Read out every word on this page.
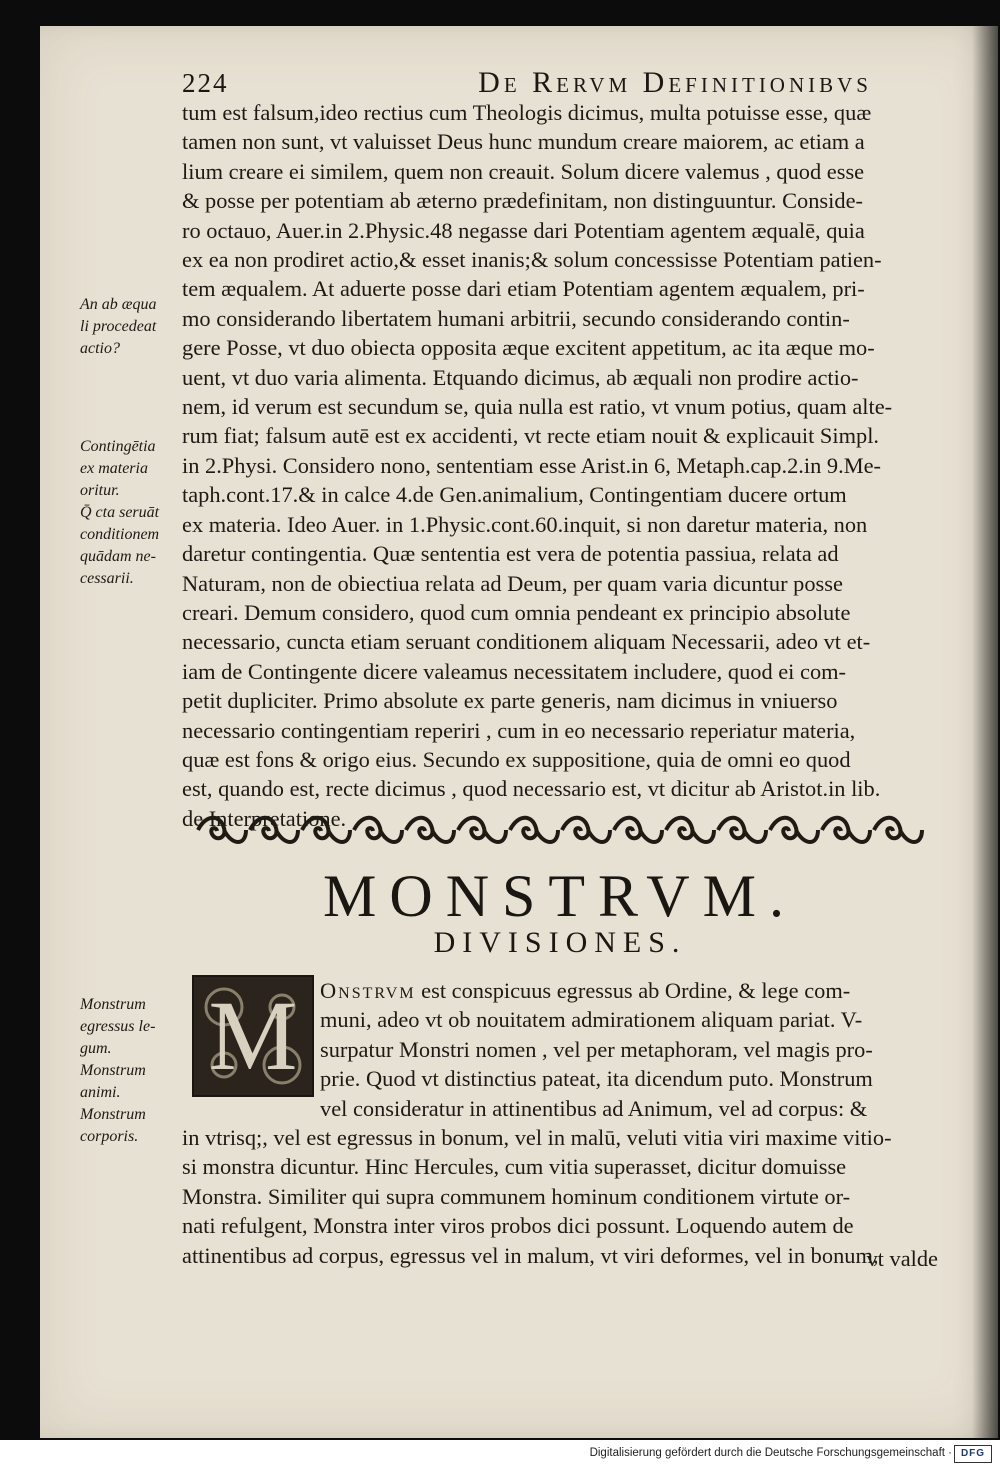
224	De Rervm Definitionibvs
tum est falsum,ideo rectius cum Theologis dicimus, multa potuisse esse, quæ
tamen non sunt, vt valuisset Deus hunc mundum creare maiorem, ac etiam a
lium creare ei similem, quem non creauit. Solum dicere valemus , quod esse
& posse per potentiam ab æterno prædefinitam, non distinguuntur. Conside-
ro octauo, Auer.in 2.Physic.48 negasse dari Potentiam agentem æqualē, quia
ex ea non prodiret actio,& esset inanis;& solum concessisse Potentiam patien-
tem æqualem. At aduerte posse dari etiam Potentiam agentem æqualem, pri-
mo considerando libertatem humani arbitrii, secundo considerando contin-
gere Posse, vt duo obiecta opposita æque excitent appetitum, ac ita æque mo-
uent, vt duo varia alimenta. Etquando dicimus, ab æquali non prodire actio-
nem, id verum est secundum se, quia nulla est ratio, vt vnum potius, quam alte-
rum fiat; falsum autē est ex accidenti, vt recte etiam nouit & explicauit Simpl.
in 2.Physi. Considero nono, sententiam esse Arist.in 6, Metaph.cap.2.in 9.Me-
taph.cont.17.& in calce 4.de Gen.animalium, Contingentiam ducere ortum
ex materia. Ideo Auer. in 1.Physic.cont.60.inquit, si non daretur materia, non
daretur contingentia. Quæ sententia est vera de potentia passiua, relata ad
Naturam, non de obiectiua relata ad Deum, per quam varia dicuntur posse
creari. Demum considero, quod cum omnia pendeant ex principio absolute
necessario, cuncta etiam seruant conditionem aliquam Necessarii, adeo vt et-
iam de Contingente dicere valeamus necessitatem includere, quod ei com-
petit dupliciter. Primo absolute ex parte generis, nam dicimus in vniuerso
necessario contingentiam reperiri , cum in eo necessario reperiatur materia,
quæ est fons & origo eius. Secundo ex suppositione, quia de omni eo quod
est, quando est, recte dicimus , quod necessario est, vt dicitur ab Aristot.in lib.
de Interpretatione.
An ab æqua
li procedeat
actio?
Contingētia
ex materia
oritur.
Q̄ cta seruāt
conditionem
quādam ne-
cessarii.
Monstrum
egressus le-
gum.
Monstrum
animi.
Monstrum
corporis.
MONSTRVM.
DIVISIONES.
M	Onstrvm est conspicuus egressus ab Ordine, & lege com-
muni, adeo vt ob nouitatem admirationem aliquam pariat. V-
surpatur Monstri nomen , vel per metaphoram, vel magis pro-
prie. Quod vt distinctius pateat, ita dicendum puto. Monstrum
vel consideratur in attinentibus ad Animum, vel ad corpus: &
in vtrisq;, vel est egressus in bonum, vel in malū, veluti vitia viri maxime vitio-
si monstra dicuntur. Hinc Hercules, cum vitia superasset, dicitur domuisse
Monstra. Similiter qui supra communem hominum conditionem virtute or-
nati refulgent, Monstra inter viros probos dici possunt. Loquendo autem de
attinentibus ad corpus, egressus vel in malum, vt viri deformes, vel in bonum,
vt valde
Digitalisierung gefördert durch die Deutsche Forschungsgemeinschaft · DFG
